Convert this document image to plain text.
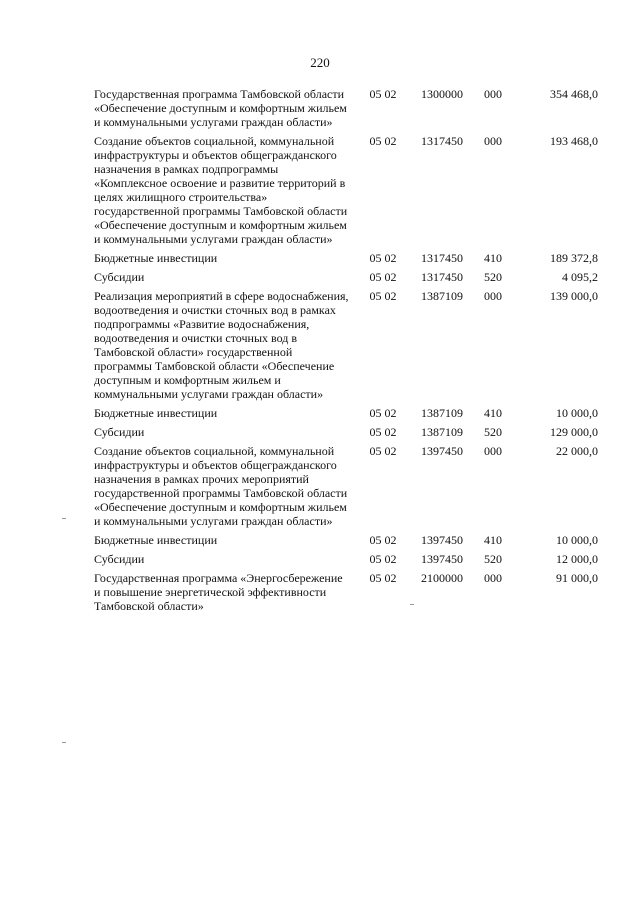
220
Государственная программа Тамбовской области «Обеспечение доступным и комфортным жильем и коммунальными услугами граждан области»
05 02	1300000	000	354 468,0
Создание объектов социальной, коммунальной инфраструктуры и объектов общегражданского назначения в рамках подпрограммы «Комплексное освоение и развитие территорий в целях жилищного строительства» государственной программы Тамбовской области «Обеспечение доступным и комфортным жильем и коммунальными услугами граждан области»
05 02	1317450	000	193 468,0
Бюджетные инвестиции	05 02	1317450	410	189 372,8
Субсидии	05 02	1317450	520	4 095,2
Реализация мероприятий в сфере водоснабжения, водоотведения и очистки сточных вод в рамках подпрограммы «Развитие водоснабжения, водоотведения и очистки сточных вод в Тамбовской области» государственной программы Тамбовской области «Обеспечение доступным и комфортным жильем и коммунальными услугами граждан области»
05 02	1387109	000	139 000,0
Бюджетные инвестиции	05 02	1387109	410	10 000,0
Субсидии	05 02	1387109	520	129 000,0
Создание объектов социальной, коммунальной инфраструктуры и объектов общегражданского назначения в рамках прочих мероприятий государственной программы Тамбовской области «Обеспечение доступным и комфортным жильем и коммунальными услугами граждан области»
05 02	1397450	000	22 000,0
Бюджетные инвестиции	05 02	1397450	410	10 000,0
Субсидии	05 02	1397450	520	12 000,0
Государственная программа «Энергосбережение и повышение энергетической эффективности Тамбовской области»
05 02	2100000	000	91 000,0
